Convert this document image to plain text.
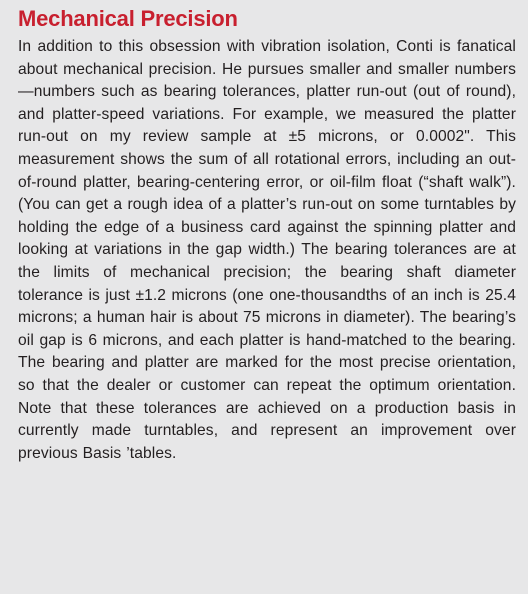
Mechanical Precision

In addition to this obsession with vibration isolation, Conti is fanatical about mechanical precision. He pursues smaller and smaller numbers—numbers such as bearing tolerances, platter run-out (out of round), and platter-speed variations. For example, we measured the platter run-out on my review sample at ±5 microns, or 0.0002". This measurement shows the sum of all rotational errors, including an out-of-round platter, bearing-centering error, or oil-film float (“shaft walk”). (You can get a rough idea of a platter’s run-out on some turntables by holding the edge of a business card against the spinning platter and looking at variations in the gap width.) The bearing tolerances are at the limits of mechanical precision; the bearing shaft diameter tolerance is just ±1.2 microns (one one-thousandths of an inch is 25.4 microns; a human hair is about 75 microns in diameter). The bearing’s oil gap is 6 microns, and each platter is hand-matched to the bearing. The bearing and platter are marked for the most precise orientation, so that the dealer or customer can repeat the optimum orientation. Note that these tolerances are achieved on a production basis in currently made turntables, and represent an improvement over previous Basis ’tables.
